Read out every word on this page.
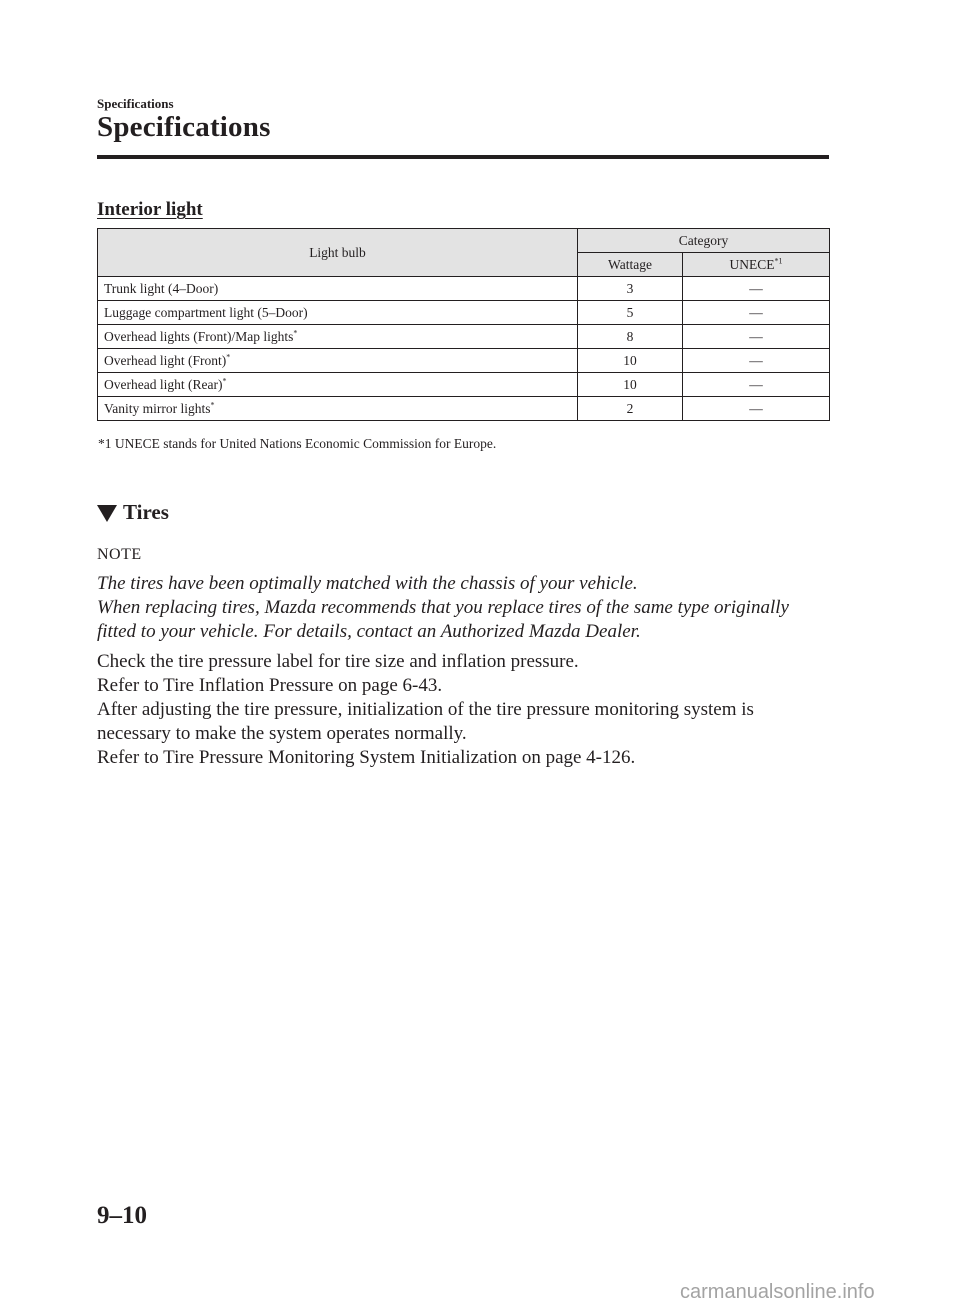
Specifications
Specifications
Interior light
Light bulb	Category	
	Wattage	UNECE$^{*1}$
Trunk light (4–Door)	3	—
Luggage compartment light (5–Door)	5	—
Overhead lights (Front)/Map lights*	8	—
Overhead light (Front)*	10	—
Overhead light (Rear)*	10	—
Vanity mirror lights*	2	—
*1 UNECE stands for United Nations Economic Commission for Europe.
Tires
NOTE
The tires have been optimally matched with the chassis of your vehicle.
When replacing tires, Mazda recommends that you replace tires of the same type originally
fitted to your vehicle. For details, contact an Authorized Mazda Dealer.
Check the tire pressure label for tire size and inflation pressure.
Refer to Tire Inflation Pressure on page 6-43.
After adjusting the tire pressure, initialization of the tire pressure monitoring system is
necessary to make the system operates normally.
Refer to Tire Pressure Monitoring System Initialization on page 4-126.
9–10
carmanualsonline.info
